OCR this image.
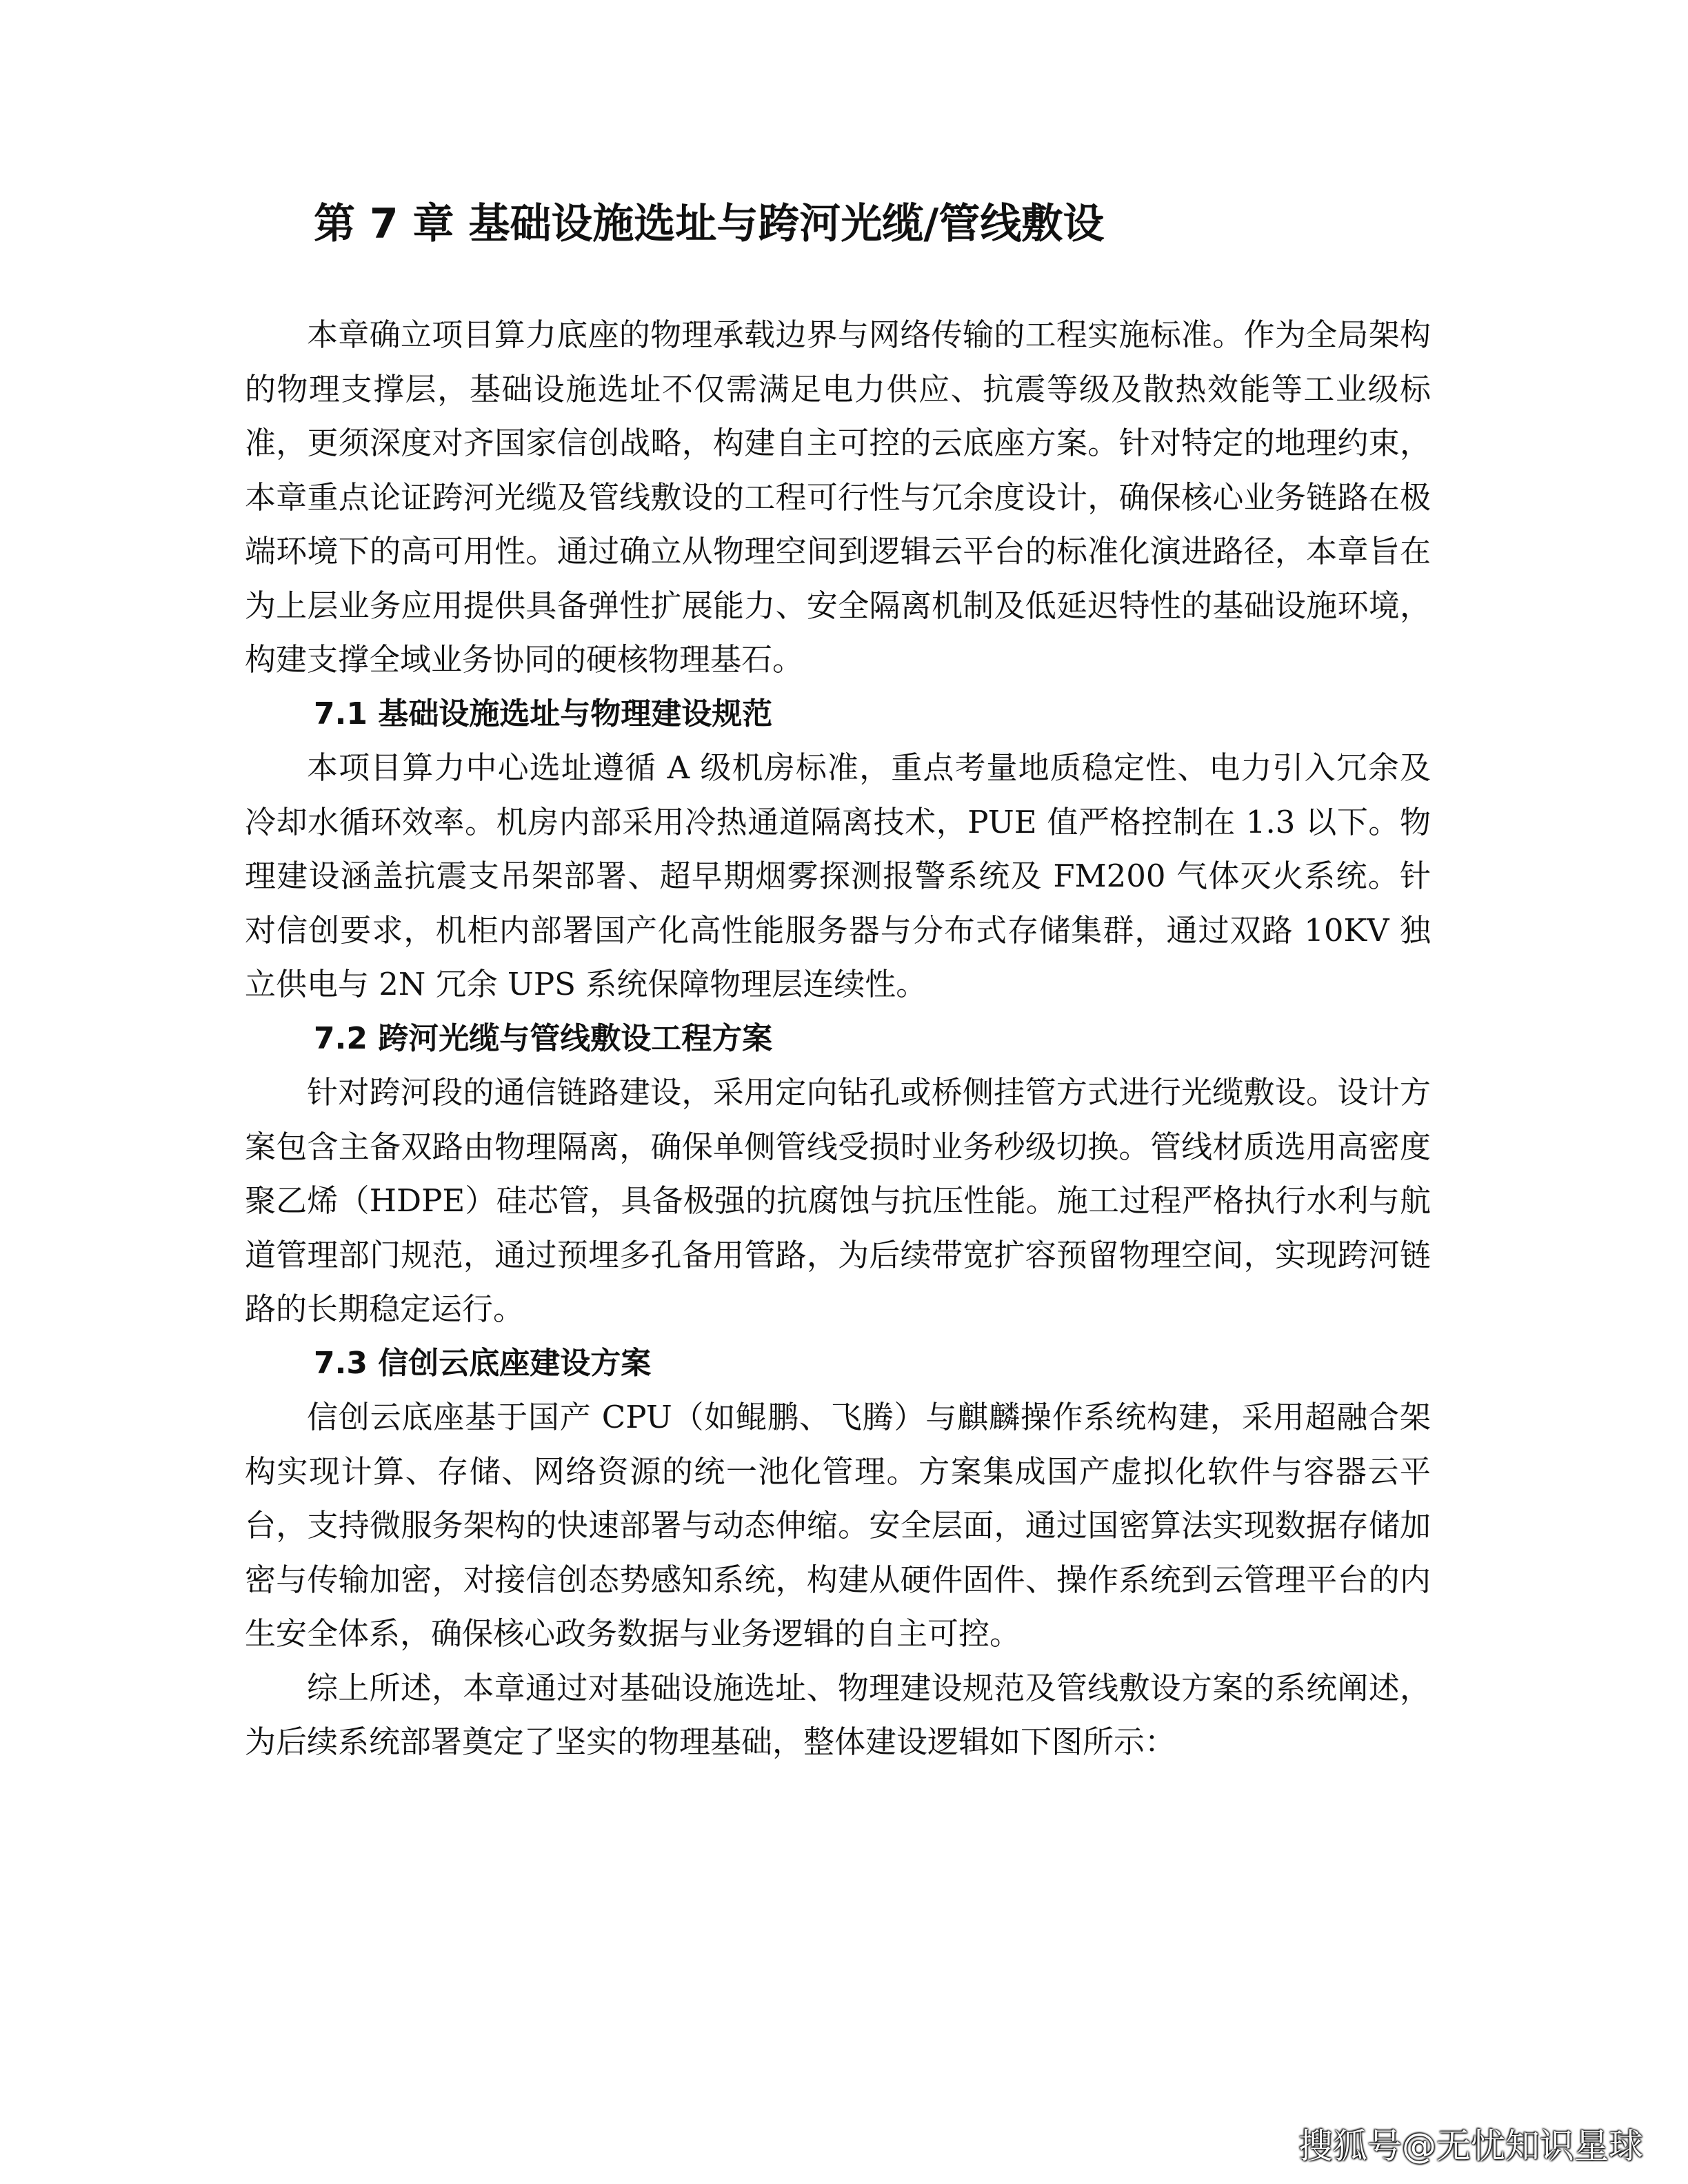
第 7 章 基础设施选址与跨河光缆/管线敷设

本章确立项目算力底座的物理承载边界与网络传输的工程实施标准。作为全局架构的物理支撑层，基础设施选址不仅需满足电力供应、抗震等级及散热效能等工业级标准，更须深度对齐国家信创战略，构建自主可控的云底座方案。针对特定的地理约束，本章重点论证跨河光缆及管线敷设的工程可行性与冗余度设计，确保核心业务链路在极端环境下的高可用性。通过确立从物理空间到逻辑云平台的标准化演进路径，本章旨在为上层业务应用提供具备弹性扩展能力、安全隔离机制及低延迟特性的基础设施环境，构建支撑全域业务协同的硬核物理基石。

7.1 基础设施选址与物理建设规范

本项目算力中心选址遵循 A 级机房标准，重点考量地质稳定性、电力引入冗余及冷却水循环效率。机房内部采用冷热通道隔离技术，PUE 值严格控制在 1.3 以下。物理建设涵盖抗震支吊架部署、超早期烟雾探测报警系统及 FM200 气体灭火系统。针对信创要求，机柜内部署国产化高性能服务器与分布式存储集群，通过双路 10KV 独立供电与 2N 冗余 UPS 系统保障物理层连续性。

7.2 跨河光缆与管线敷设工程方案

针对跨河段的通信链路建设，采用定向钻孔或桥侧挂管方式进行光缆敷设。设计方案包含主备双路由物理隔离，确保单侧管线受损时业务秒级切换。管线材质选用高密度聚乙烯（HDPE）硅芯管，具备极强的抗腐蚀与抗压性能。施工过程严格执行水利与航道管理部门规范，通过预埋多孔备用管路，为后续带宽扩容预留物理空间，实现跨河链路的长期稳定运行。

7.3 信创云底座建设方案

信创云底座基于国产 CPU（如鲲鹏、飞腾）与麒麟操作系统构建，采用超融合架构实现计算、存储、网络资源的统一池化管理。方案集成国产虚拟化软件与容器云平台，支持微服务架构的快速部署与动态伸缩。安全层面，通过国密算法实现数据存储加密与传输加密，对接信创态势感知系统，构建从硬件固件、操作系统到云管理平台的内生安全体系，确保核心政务数据与业务逻辑的自主可控。

综上所述，本章通过对基础设施选址、物理建设规范及管线敷设方案的系统阐述，为后续系统部署奠定了坚实的物理基础，整体建设逻辑如下图所示：

搜狐号@无忧知识星球
